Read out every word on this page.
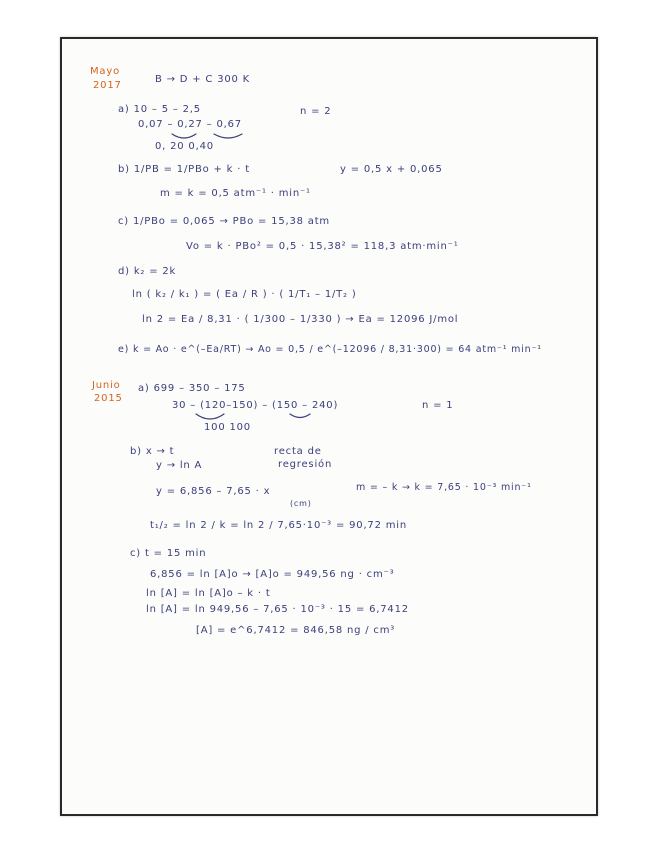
Mayo
2017
B → D + C 300 K
a) 10 – 5 – 2,5	n = 2
0,07 – 0,27 – 0,67
0, 20 0,40
b) 1/PB = 1/PBo + k · t	y = 0,5 x + 0,065
m = k = 0,5 atm⁻¹ · min⁻¹
c) 1/PBo = 0,065 → PBo = 15,38 atm
Vo = k · PBo² = 0,5 · 15,38² = 118,3 atm·min⁻¹
d) k₂ = 2k
ln ( k₂ / k₁ ) = ( Ea / R ) · ( 1/T₁ – 1/T₂ )
ln 2 = Ea / 8,31 · ( 1/300 – 1/330 ) → Ea = 12096 J/mol
e) k = Ao · e^(–Ea/RT) → Ao = 0,5 / e^(–12096 / 8,31·300) = 64 atm⁻¹ min⁻¹
Junio
2015
a) 699 – 350 – 175
30 – (120–150) – (150 – 240)	n = 1
100 100
b) x → t	recta de
y → ln A	regresión
y = 6,856 – 7,65 · x
(cm)
m = – k → k = 7,65 · 10⁻³ min⁻¹
t₁/₂ = ln 2 / k = ln 2 / 7,65·10⁻³ = 90,72 min
c) t = 15 min
6,856 = ln [A]o → [A]o = 949,56 ng · cm⁻³
ln [A] = ln [A]o – k · t
ln [A] = ln 949,56 – 7,65 · 10⁻³ · 15 = 6,7412
[A] = e^6,7412 = 846,58 ng / cm³
